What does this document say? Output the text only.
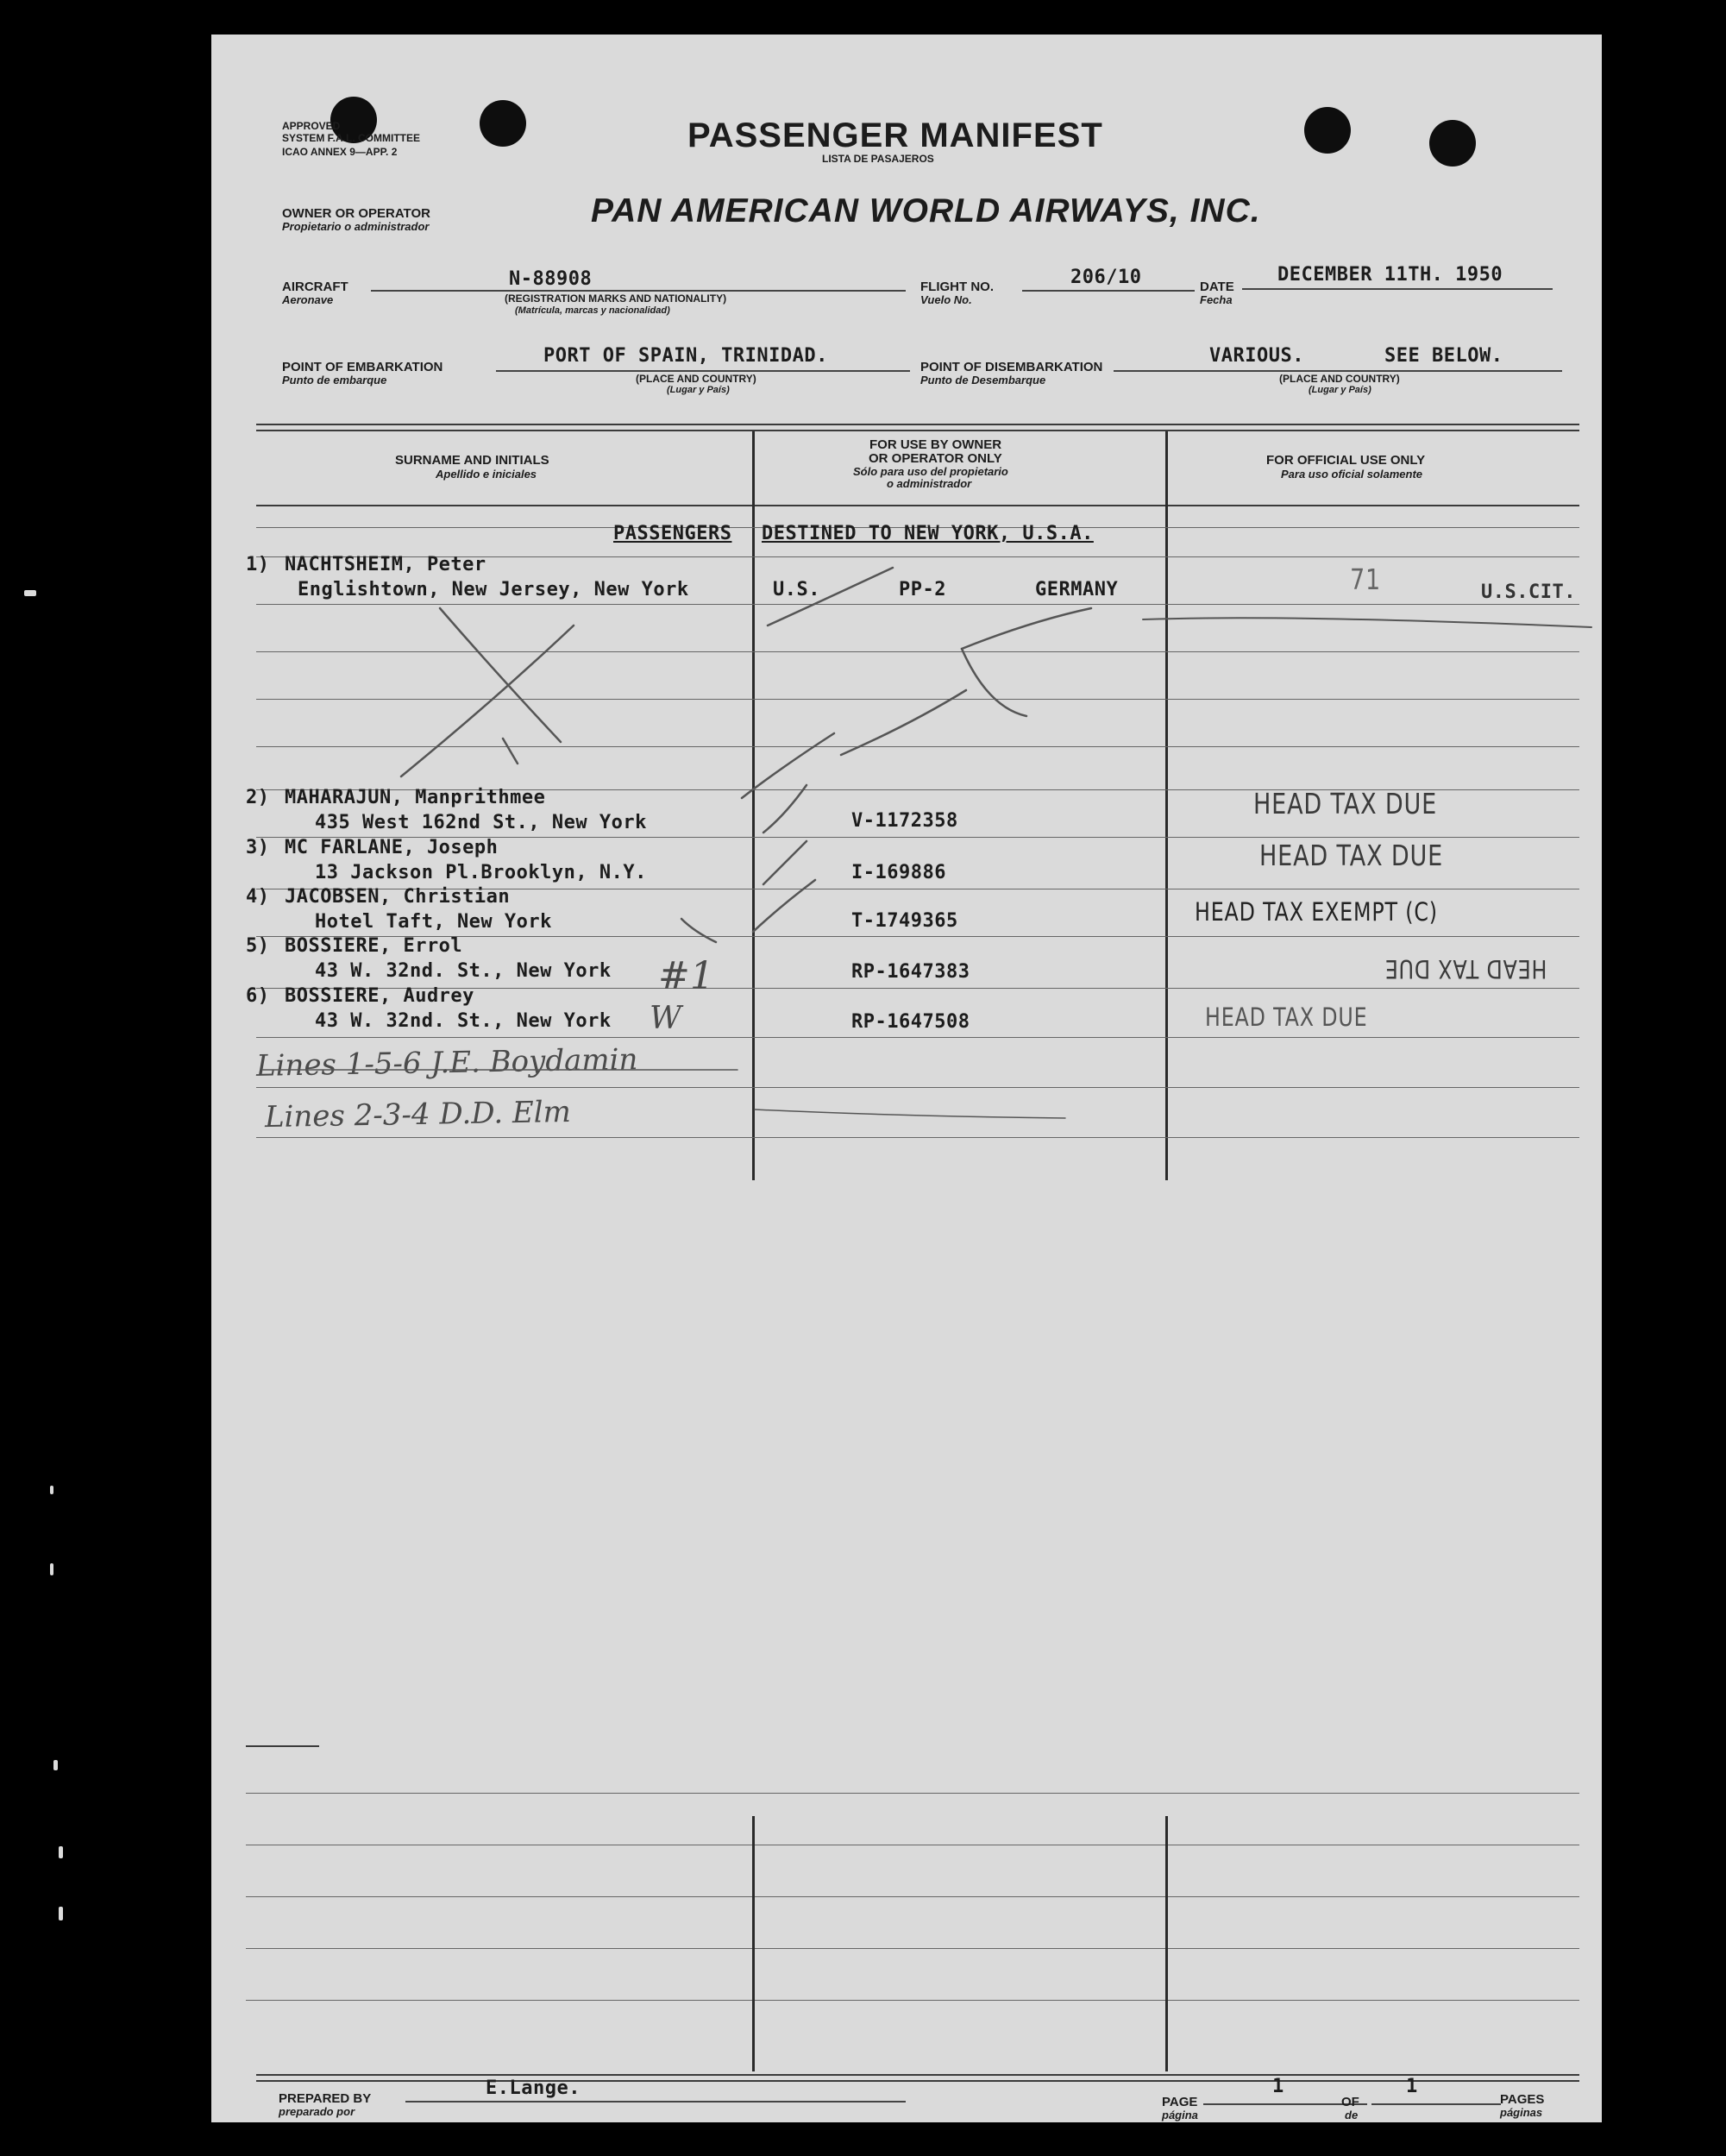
APPROVED
SYSTEM F.A.L. COMMITTEE
ICAO ANNEX 9—APP. 2	PASSENGER MANIFEST
LISTA DE PASAJEROS
OWNER OR OPERATOR
Propietario o administrador	PAN AMERICAN WORLD AIRWAYS, INC.
AIRCRAFT
Aeronave
N-88908
(REGISTRATION MARKS AND NATIONALITY)
(Matrícula, marcas y nacionalidad)
FLIGHT NO.
Vuelo No.
206/10	DATE
Fecha
DECEMBER 11TH. 1950
POINT OF EMBARKATION
Punto de embarque
PORT OF SPAIN, TRINIDAD.
(PLACE AND COUNTRY)
(Lugar y País)
POINT OF DISEMBARKATION
Punto de Desembarque
VARIOUS.	SEE BELOW.
(PLACE AND COUNTRY)
(Lugar y País)
SURNAME AND INITIALS
Apellido e iniciales
FOR USE BY OWNER
OR OPERATOR ONLY
Sólo para uso del propietario
o administrador
FOR OFFICIAL USE ONLY
Para uso oficial solamente
PASSENGERS DESTINED TO NEW YORK, U.S.A.
1) NACHTSHEIM, Peter
Englishtown, New Jersey, New York	U.S.	PP-2	GERMANY	71	U.S.CIT.
2) MAHARAJUN, Manprithmee
435 West 162nd St., New York	V-1172358
HEAD TAX DUE
3) MC FARLANE, Joseph
13 Jackson Pl.Brooklyn, N.Y.	I-169886
HEAD TAX DUE
4) JACOBSEN, Christian
Hotel Taft, New York	T-1749365	HEAD TAX EXEMPT (C)
5) BOSSIERE, Errol
43 W. 32nd. St., New York	RP-1647383	HEAD TAX DUE
6) BOSSIERE, Audrey
43 W. 32nd. St., New York	RP-1647508	HEAD TAX DUE
#1
W
Lines 1-5-6 J.E. Boydamin
Lines 2-3-4 D.D. Elm
PREPARED BY
preparado por
E.Lange.
PAGE
página
1
OF
de
1
PAGES
páginas
